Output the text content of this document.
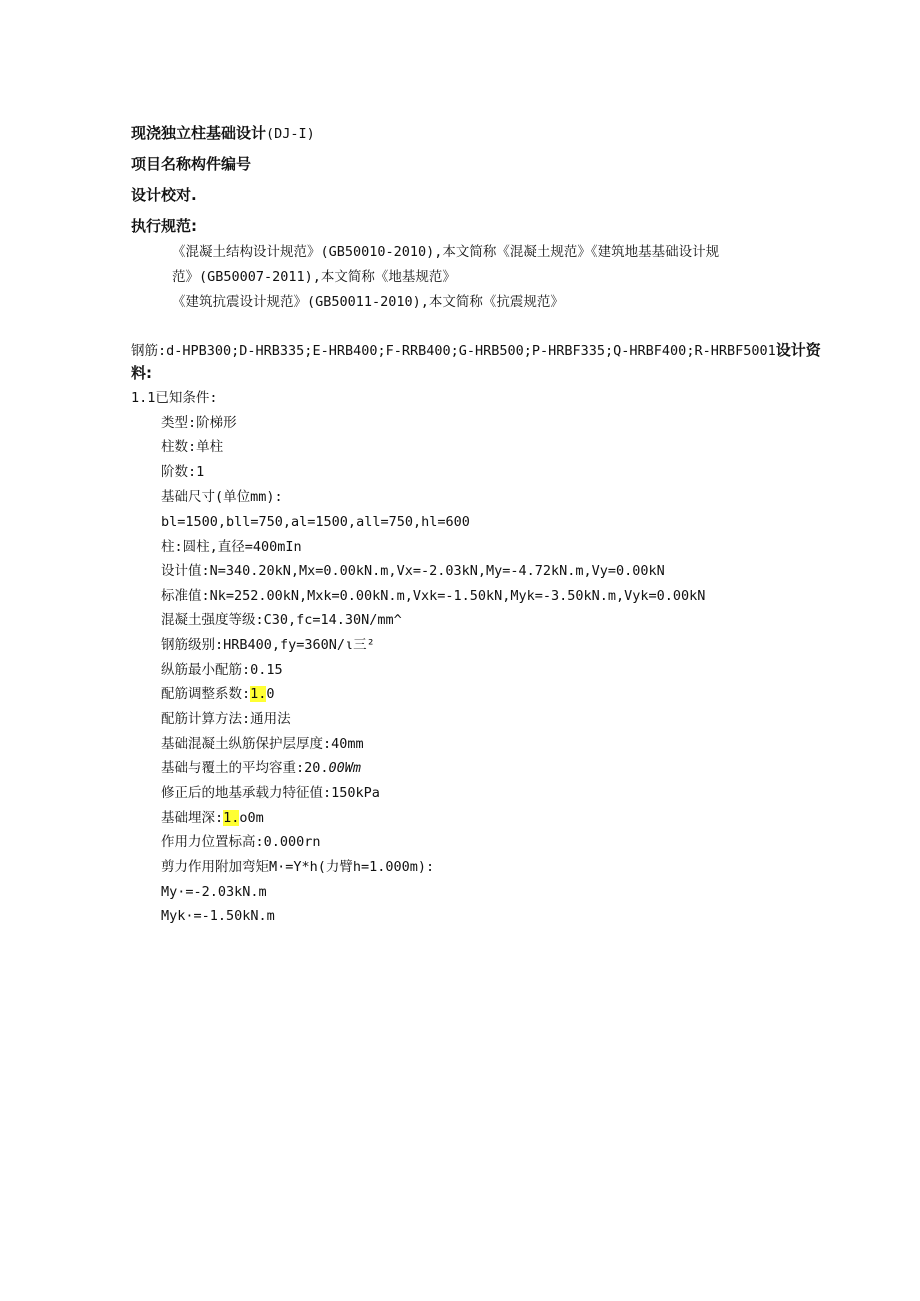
现浇独立柱基础设计(DJ-I)
项目名称构件编号
设计校对.
执行规范:
《混凝土结构设计规范》(GB50010-2010),本文简称《混凝土规范》《建筑地基基础设计规
范》(GB50007-2011),本文简称《地基规范》
《建筑抗震设计规范》(GB50011-2010),本文简称《抗震规范》
钢筋:d-HPB300;D-HRB335;E-HRB400;F-RRB400;G-HRB500;P-HRBF335;Q-HRBF400;R-HRBF5001设计资
料:
1.1已知条件:
类型:阶梯形
柱数:单柱
阶数:1
基础尺寸(单位mm):
bl=1500,bll=750,al=1500,all=750,hl=600
柱:圆柱,直径=400mIn
设计值:N=340.20kN,Mx=0.00kN.m,Vx=-2.03kN,My=-4.72kN.m,Vy=0.00kN
标准值:Nk=252.00kN,Mxk=0.00kN.m,Vxk=-1.50kN,Myk=-3.50kN.m,Vyk=0.00kN
混凝土强度等级:C30,fc=14.30N/mm^
钢筋级别:HRB400,fy=360N/ι三²
纵筋最小配筋:0.15
配筋调整系数:1.0
配筋计算方法:通用法
基础混凝土纵筋保护层厚度:40mm
基础与覆土的平均容重:20.00Wm
修正后的地基承载力特征值:150kPa
基础埋深:1.o0m
作用力位置标高:0.000rn
剪力作用附加弯矩M·=Y*h(力臂h=1.000m):
My·=-2.03kN.m
Myk·=-1.50kN.m
